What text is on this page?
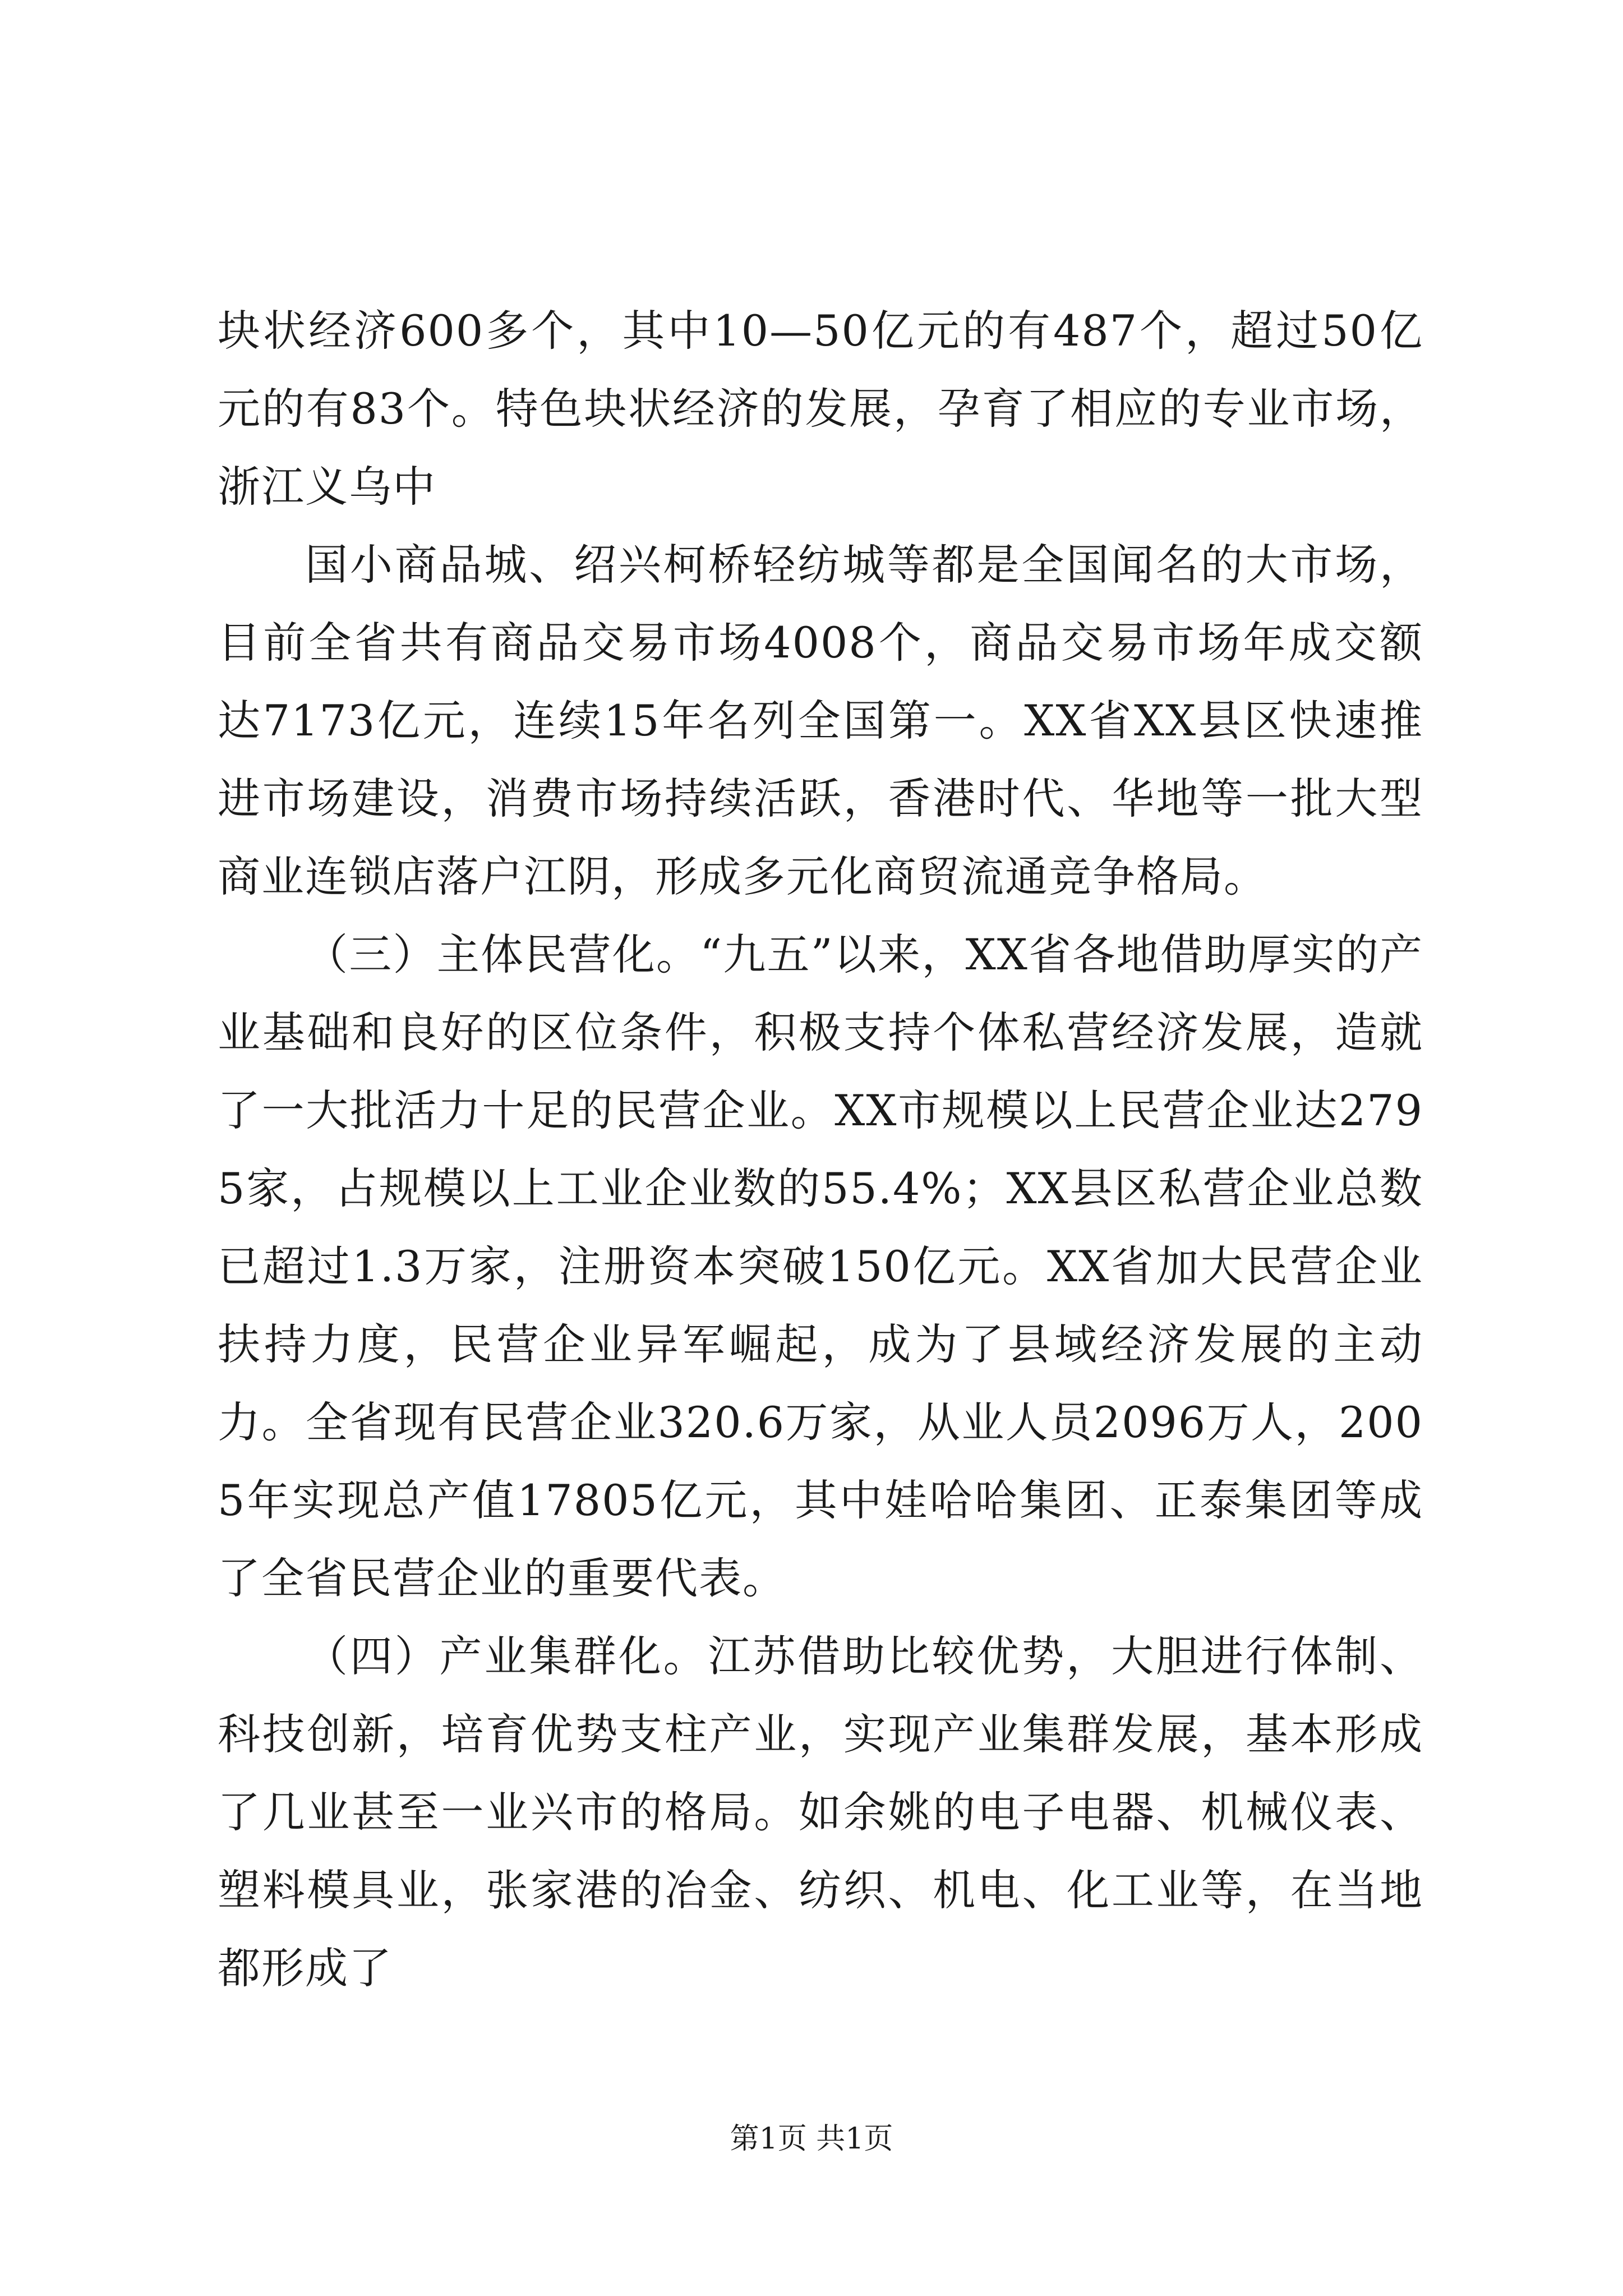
块状经济600多个，其中10—50亿元的有487个，超过50亿元的有83个。特色块状经济的发展，孕育了相应的专业市场，浙江义乌中

国小商品城、绍兴柯桥轻纺城等都是全国闻名的大市场，目前全省共有商品交易市场4008个，商品交易市场年成交额达7173亿元，连续15年名列全国第一。XX省XX县区快速推进市场建设，消费市场持续活跃，香港时代、华地等一批大型商业连锁店落户江阴，形成多元化商贸流通竞争格局。

（三）主体民营化。“九五”以来，XX省各地借助厚实的产业基础和良好的区位条件，积极支持个体私营经济发展，造就了一大批活力十足的民营企业。XX市规模以上民营企业达2795家，占规模以上工业企业数的55.4%；XX县区私营企业总数已超过1.3万家，注册资本突破150亿元。XX省加大民营企业扶持力度，民营企业异军崛起，成为了县域经济发展的主动力。全省现有民营企业320.6万家，从业人员2096万人，2005年实现总产值17805亿元，其中娃哈哈集团、正泰集团等成了全省民营企业的重要代表。

（四）产业集群化。江苏借助比较优势，大胆进行体制、科技创新，培育优势支柱产业，实现产业集群发展，基本形成了几业甚至一业兴市的格局。如余姚的电子电器、机械仪表、塑料模具业，张家港的冶金、纺织、机电、化工业等，在当地都形成了

第1页 共1页
